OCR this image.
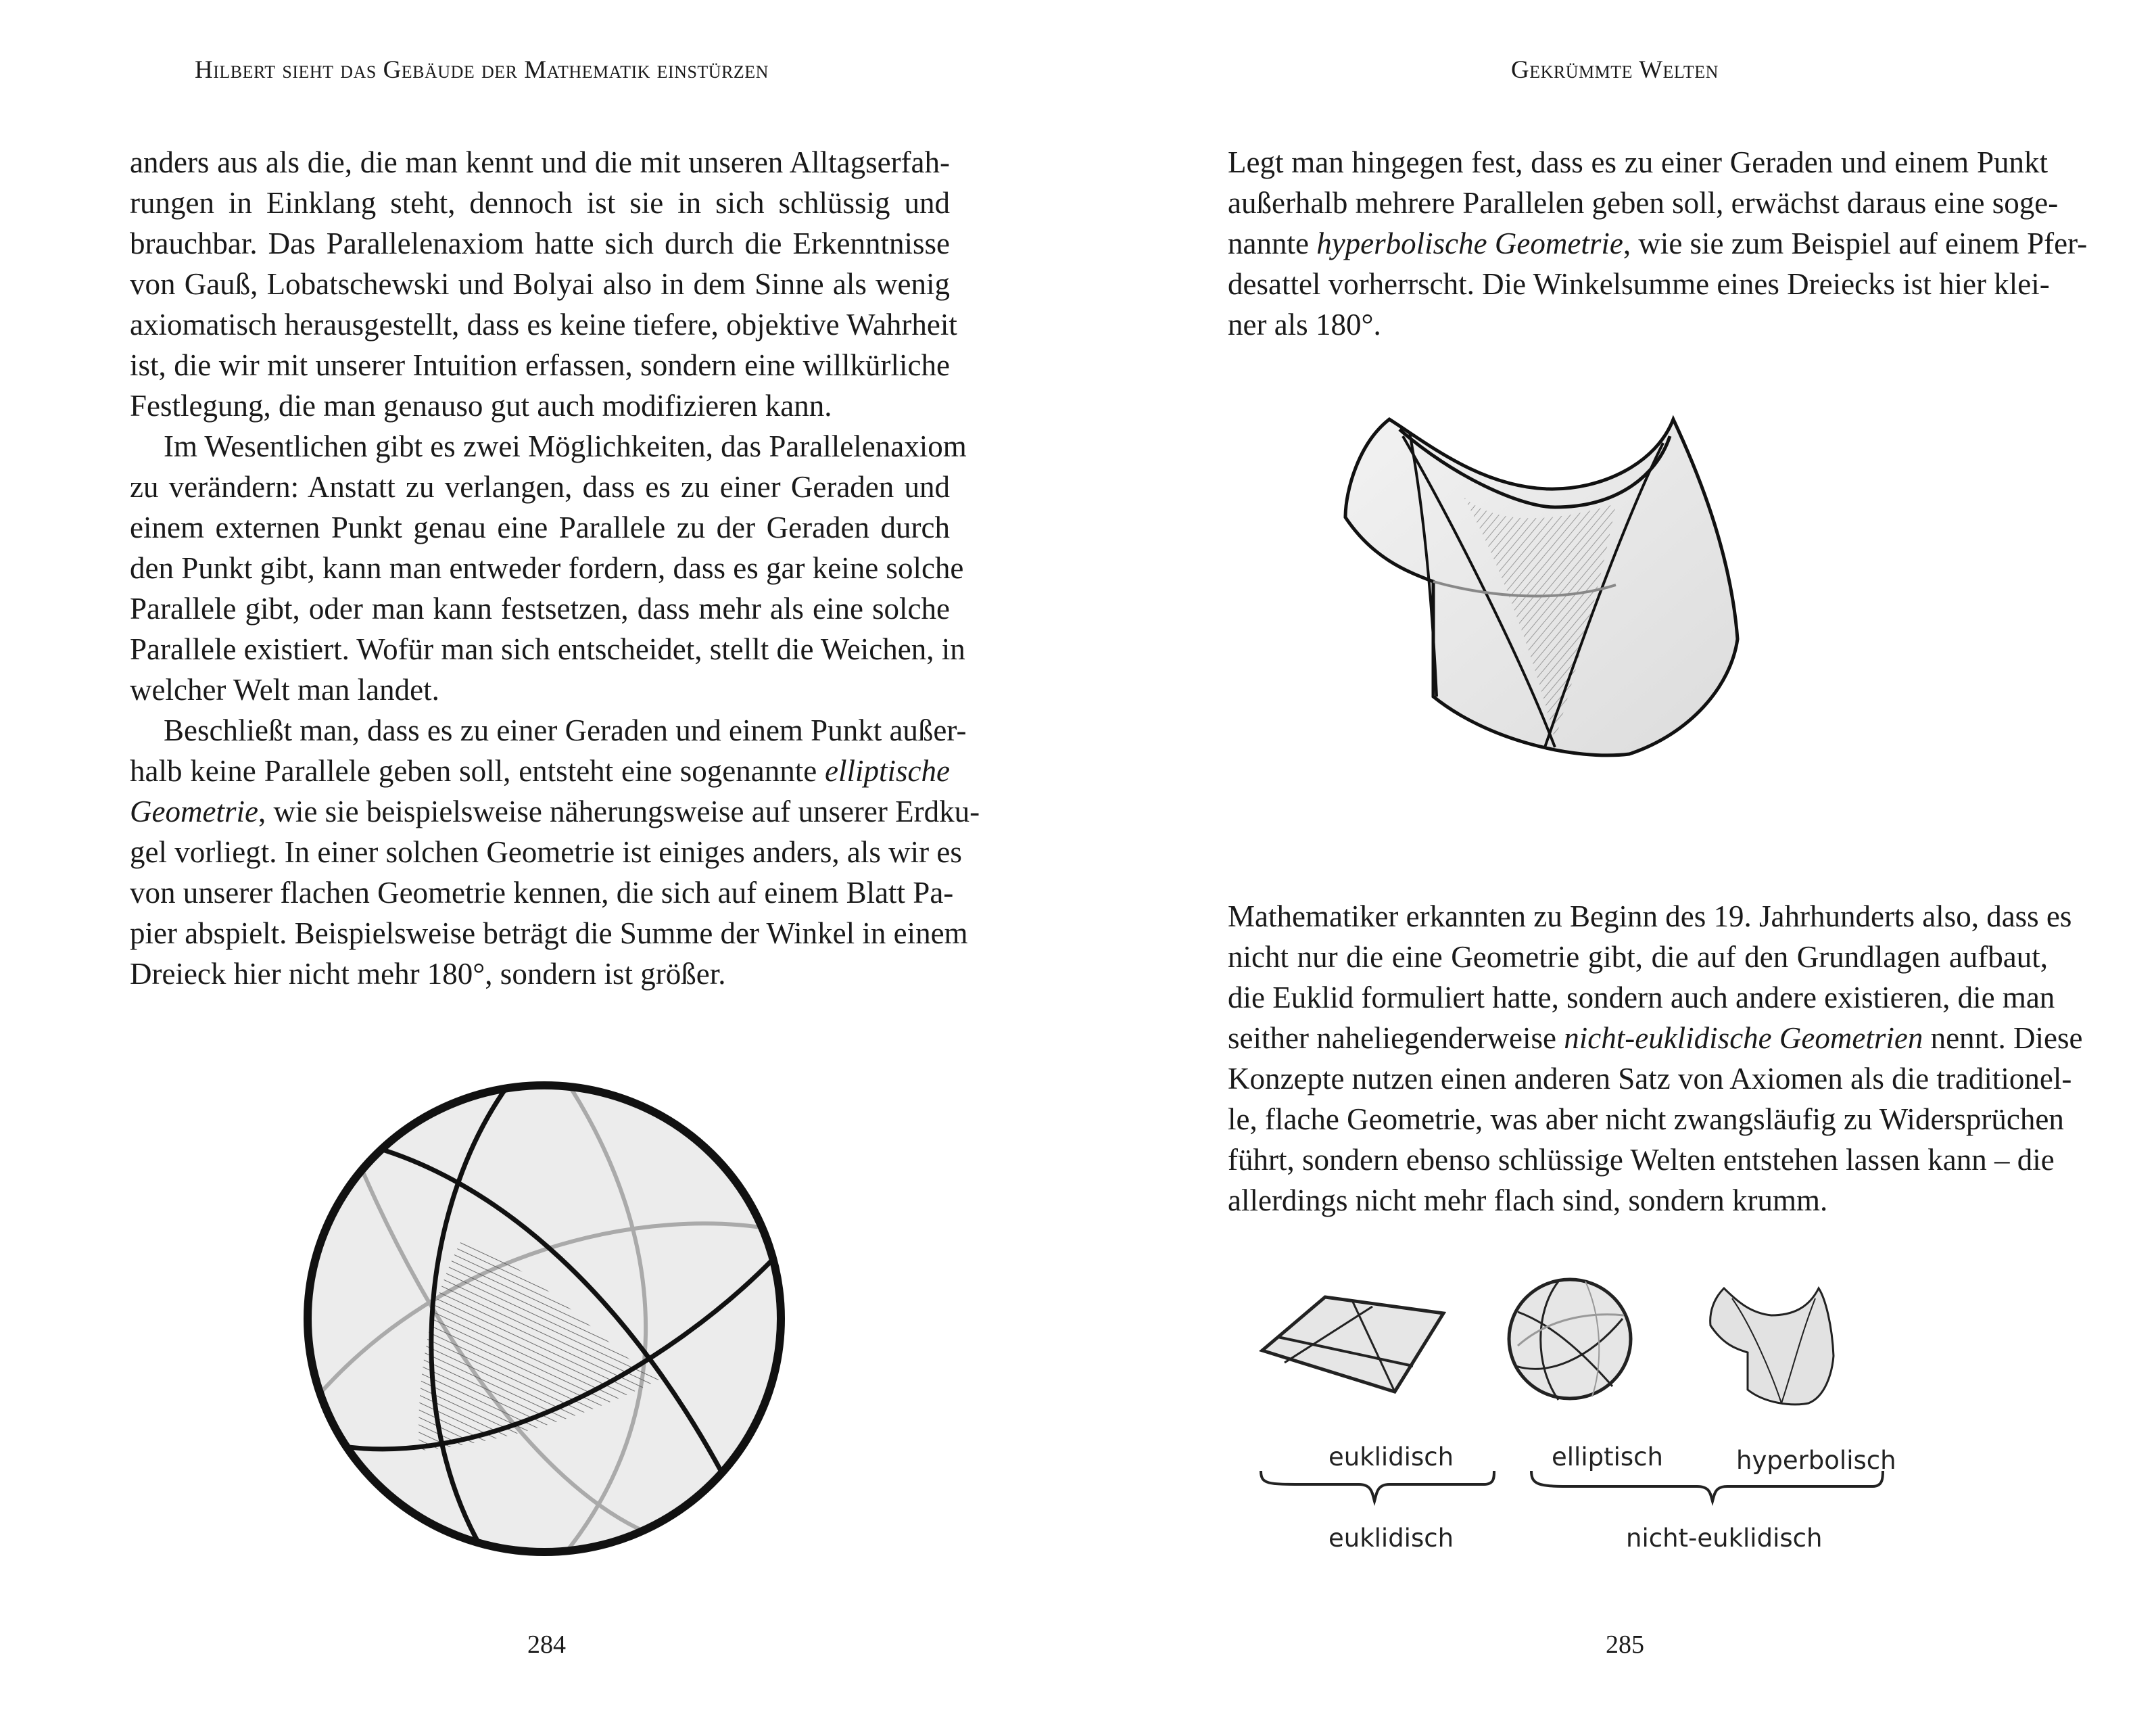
Hilbert sieht das Gebäude der Mathematik einstürzen

anders aus als die, die man kennt und die mit unseren Alltagserfah-
rungen in Einklang steht, dennoch ist sie in sich schlüssig und
brauchbar. Das Parallelenaxiom hatte sich durch die Erkenntnisse
von Gauß, Lobatschewski und Bolyai also in dem Sinne als wenig
axiomatisch herausgestellt, dass es keine tiefere, objektive Wahrheit
ist, die wir mit unserer Intuition erfassen, sondern eine willkürliche
Festlegung, die man genauso gut auch modifizieren kann.

Im Wesentlichen gibt es zwei Möglichkeiten, das Parallelenaxiom
zu verändern: Anstatt zu verlangen, dass es zu einer Geraden und
einem externen Punkt genau eine Parallele zu der Geraden durch
den Punkt gibt, kann man entweder fordern, dass es gar keine solche
Parallele gibt, oder man kann festsetzen, dass mehr als eine solche
Parallele existiert. Wofür man sich entscheidet, stellt die Weichen, in
welcher Welt man landet.

Beschließt man, dass es zu einer Geraden und einem Punkt außer-
halb keine Parallele geben soll, entsteht eine sogenannte elliptische
Geometrie, wie sie beispielsweise näherungsweise auf unserer Erdku-
gel vorliegt. In einer solchen Geometrie ist einiges anders, als wir es
von unserer flachen Geometrie kennen, die sich auf einem Blatt Pa-
pier abspielt. Beispielsweise beträgt die Summe der Winkel in einem
Dreieck hier nicht mehr 180°, sondern ist größer.

284
Gekrümmte Welten

Legt man hingegen fest, dass es zu einer Geraden und einem Punkt
außerhalb mehrere Parallelen geben soll, erwächst daraus eine soge-
nannte hyperbolische Geometrie, wie sie zum Beispiel auf einem Pfer-
desattel vorherrscht. Die Winkelsumme eines Dreiecks ist hier klei-
ner als 180°.

Mathematiker erkannten zu Beginn des 19. Jahrhunderts also, dass es
nicht nur die eine Geometrie gibt, die auf den Grundlagen aufbaut,
die Euklid formuliert hatte, sondern auch andere existieren, die man
seither naheliegenderweise nicht-euklidische Geometrien nennt. Diese
Konzepte nutzen einen anderen Satz von Axiomen als die traditionel-
le, flache Geometrie, was aber nicht zwangsläufig zu Widersprüchen
führt, sondern ebenso schlüssige Welten entstehen lassen kann – die
allerdings nicht mehr flach sind, sondern krumm.

euklidisch	elliptisch	hyperbolisch
euklidisch	nicht-euklidisch
285
